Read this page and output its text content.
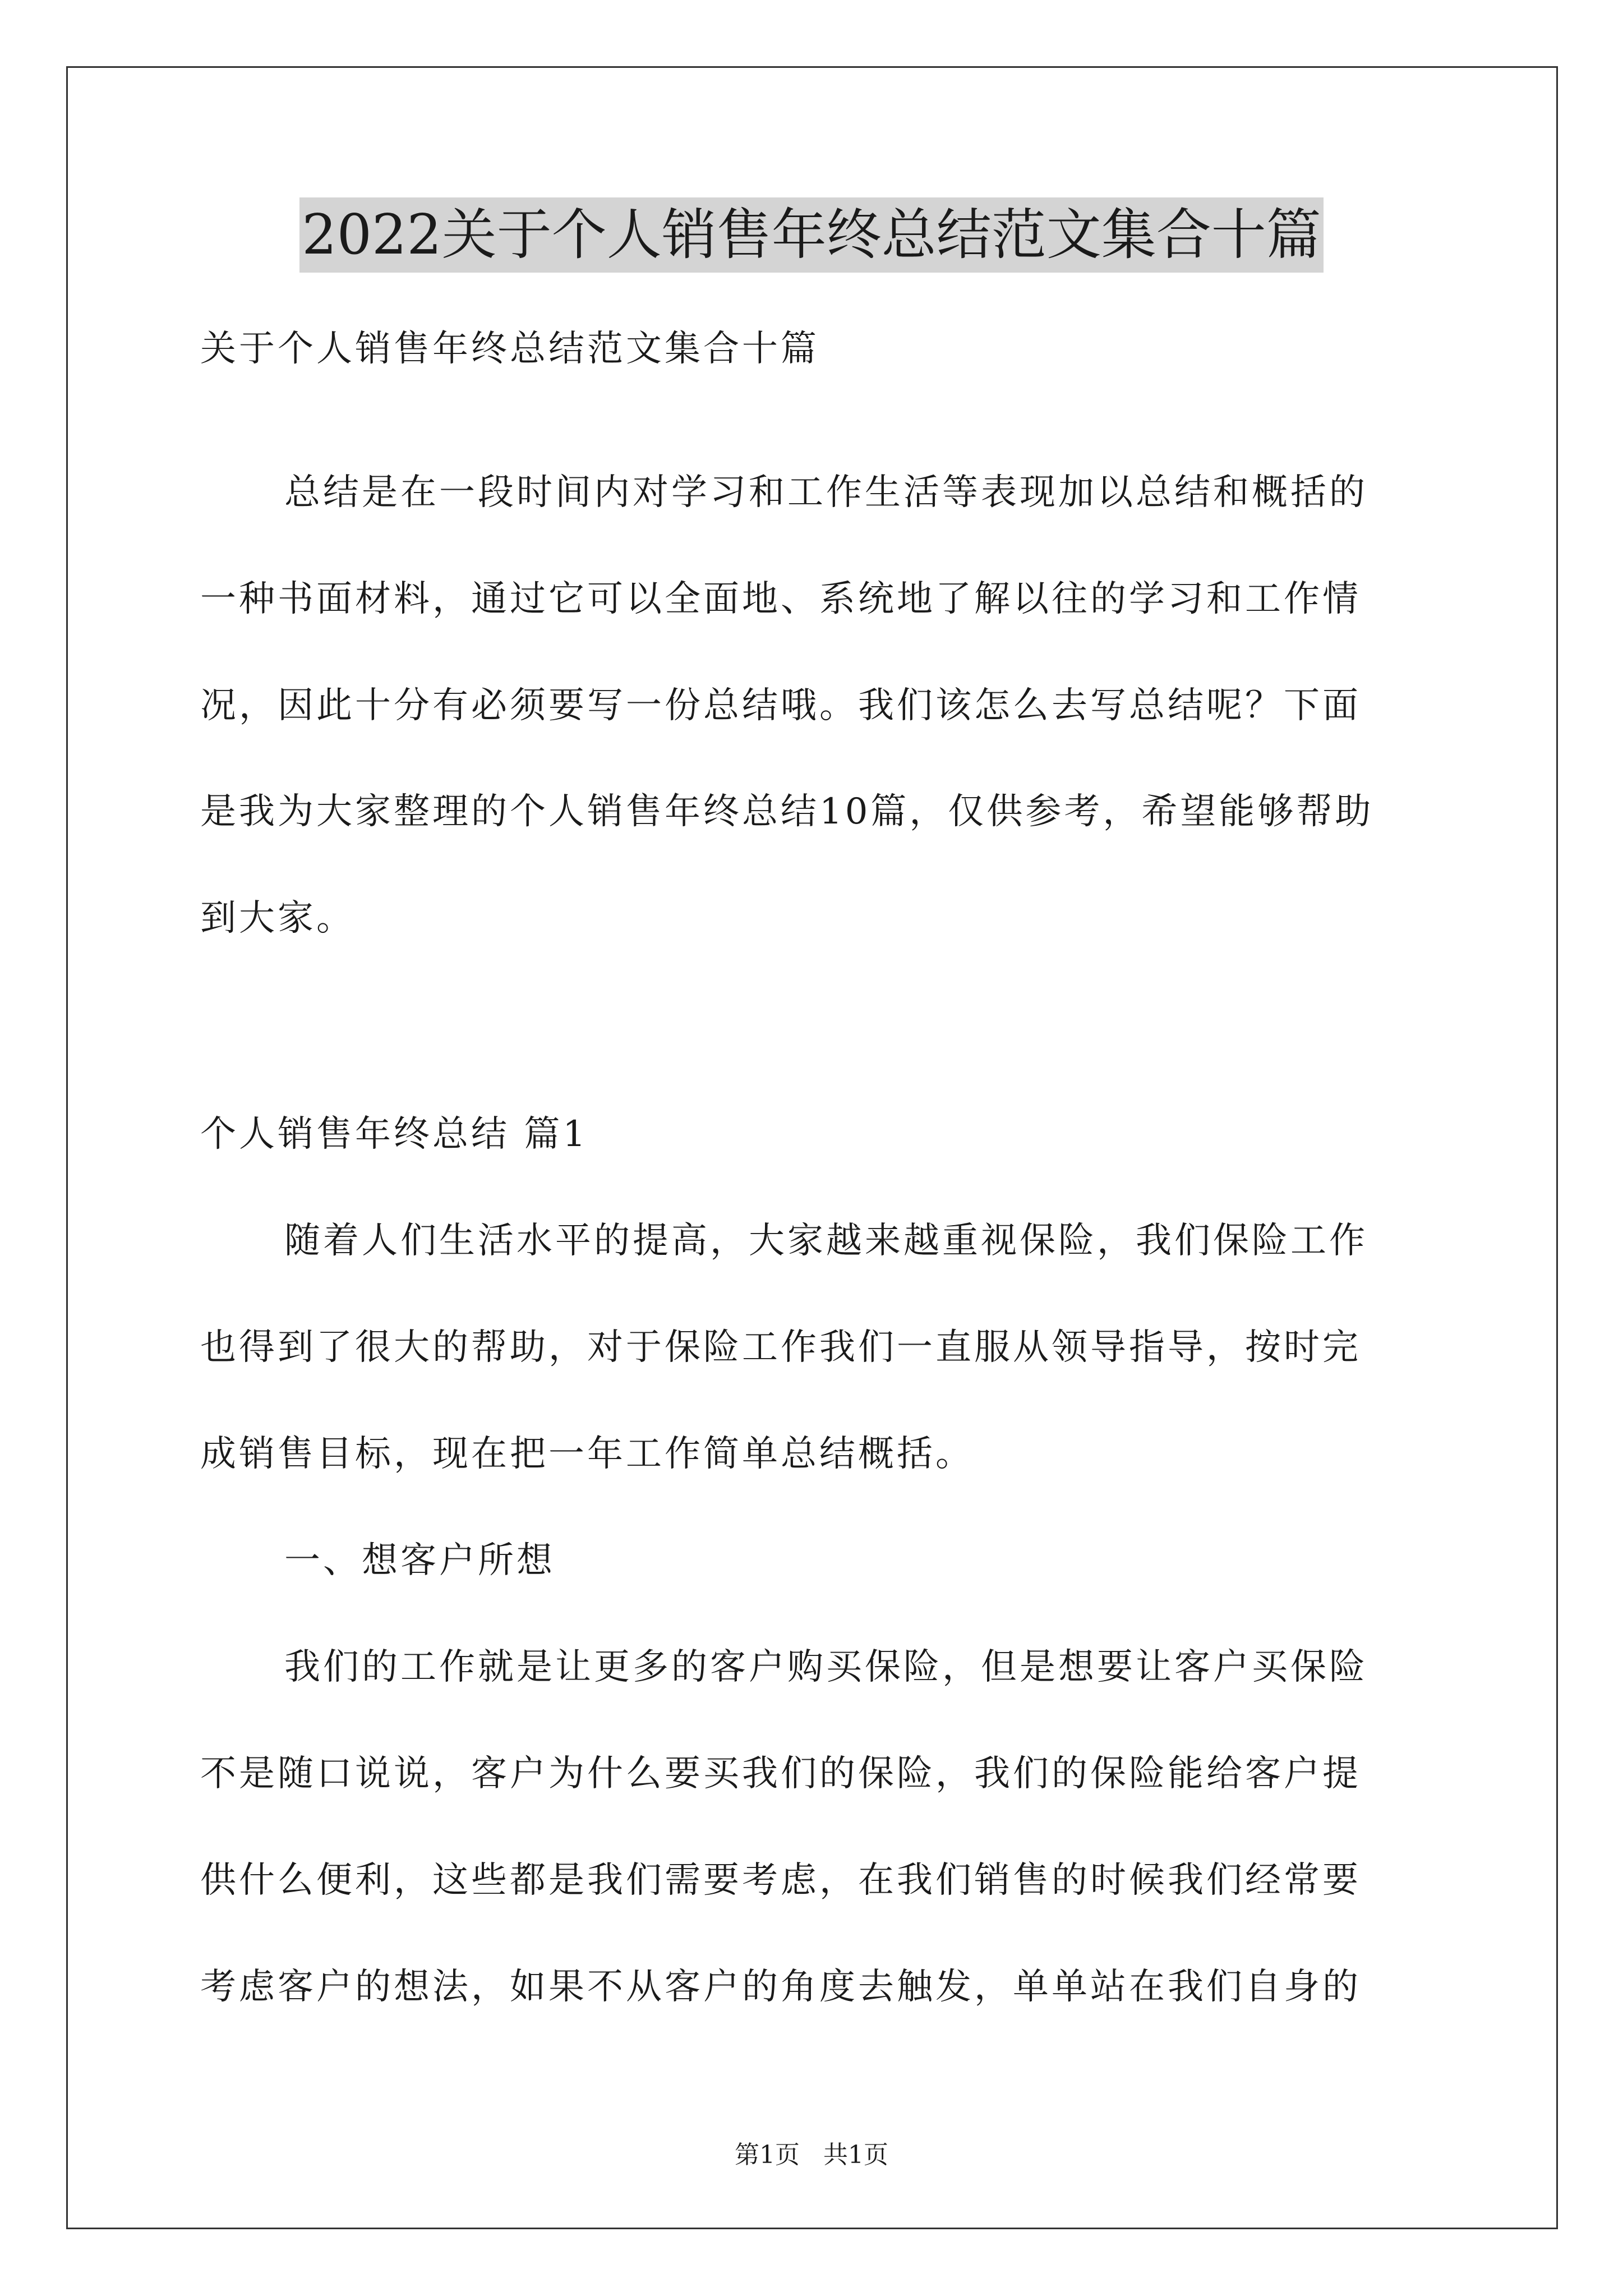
2022关于个人销售年终总结范文集合十篇
关于个人销售年终总结范文集合十篇
总结是在一段时间内对学习和工作生活等表现加以总结和概括的
一种书面材料，通过它可以全面地、系统地了解以往的学习和工作情
况，因此十分有必须要写一份总结哦。我们该怎么去写总结呢？下面
是我为大家整理的个人销售年终总结10篇，仅供参考，希望能够帮助
到大家。
个人销售年终总结 篇1
随着人们生活水平的提高，大家越来越重视保险，我们保险工作
也得到了很大的帮助，对于保险工作我们一直服从领导指导，按时完
成销售目标，现在把一年工作简单总结概括。
一、想客户所想
我们的工作就是让更多的客户购买保险，但是想要让客户买保险
不是随口说说，客户为什么要买我们的保险，我们的保险能给客户提
供什么便利，这些都是我们需要考虑，在我们销售的时候我们经常要
考虑客户的想法，如果不从客户的角度去触发，单单站在我们自身的
第1页   共1页
